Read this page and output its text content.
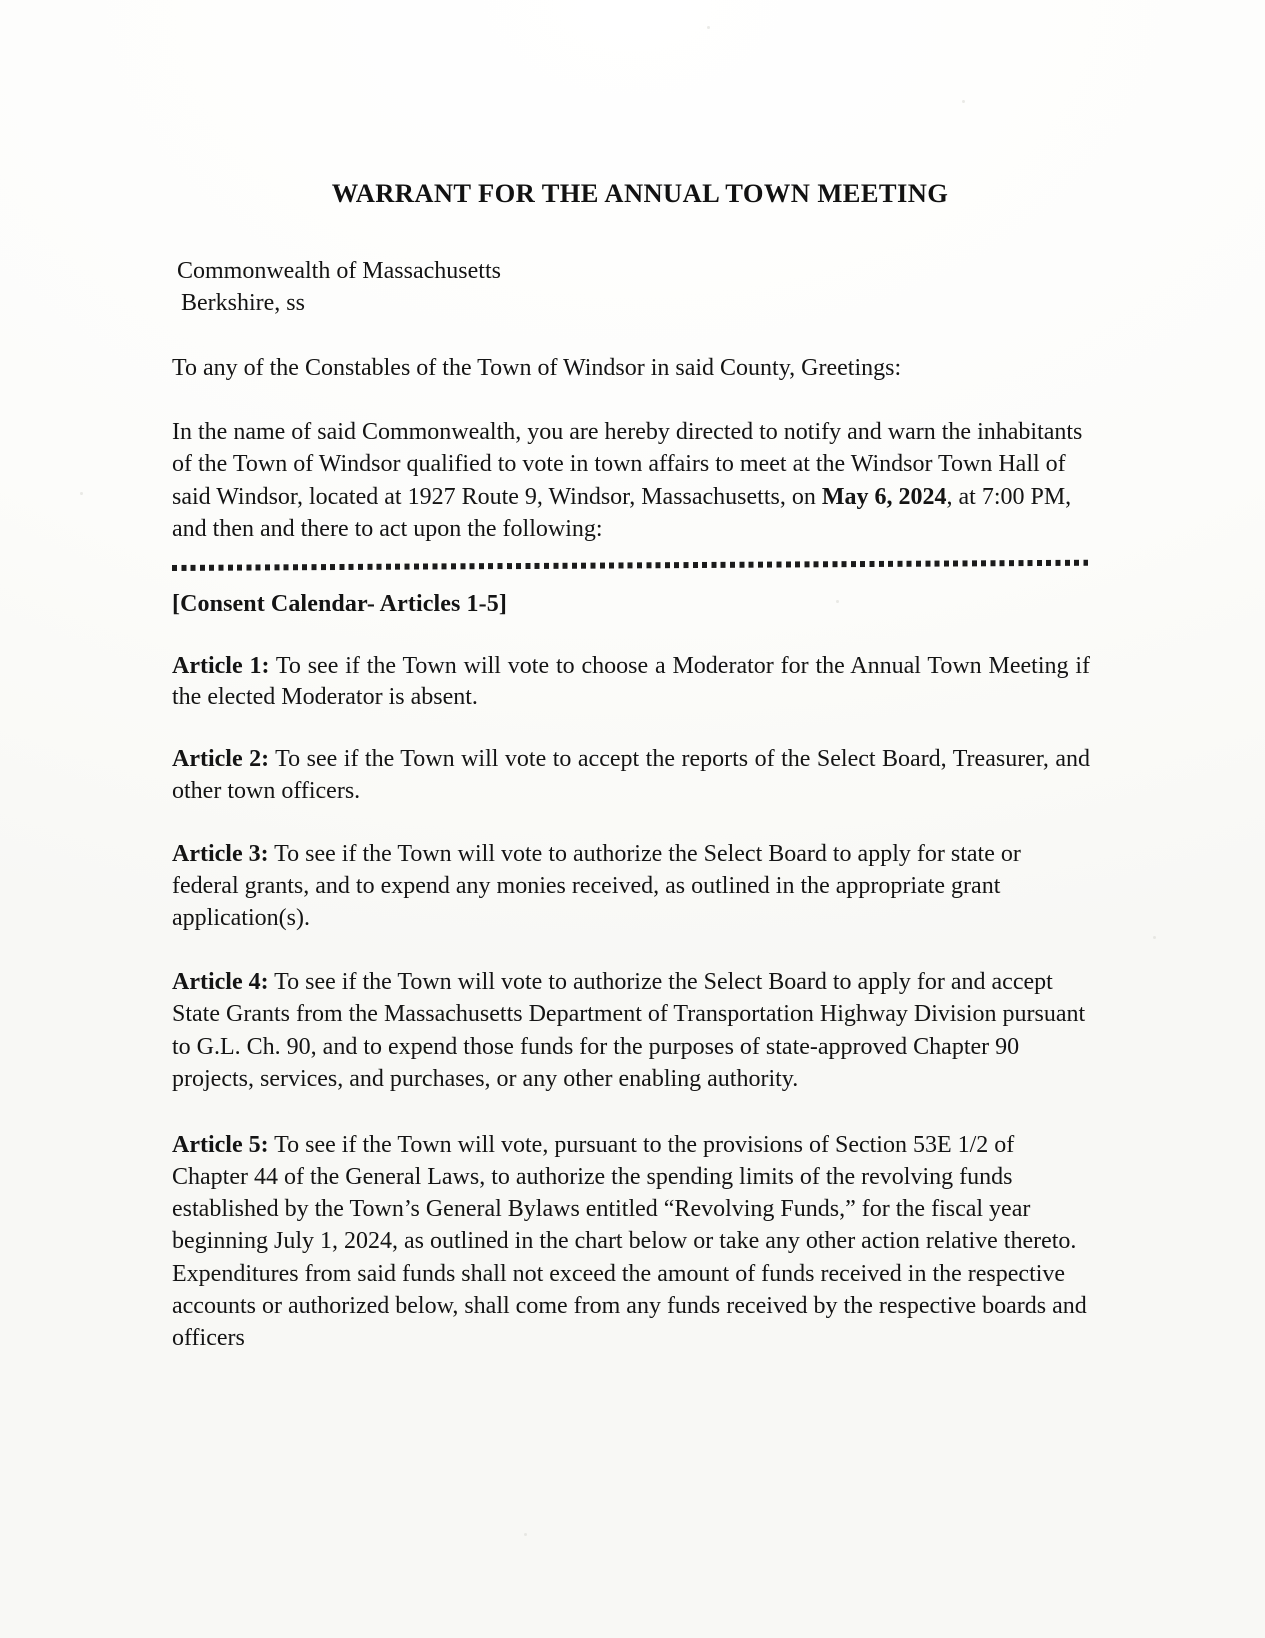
WARRANT FOR THE ANNUAL TOWN MEETING
Commonwealth of Massachusetts
Berkshire, ss

To any of the Constables of the Town of Windsor in said County, Greetings:

In the name of said Commonwealth, you are hereby directed to notify and warn the inhabitants of the Town of Windsor qualified to vote in town affairs to meet at the Windsor Town Hall of said Windsor, located at 1927 Route 9, Windsor, Massachusetts, on May 6, 2024, at 7:00 PM, and then and there to act upon the following:

[Consent Calendar- Articles 1-5]

Article 1: To see if the Town will vote to choose a Moderator for the Annual Town Meeting if the elected Moderator is absent.

Article 2: To see if the Town will vote to accept the reports of the Select Board, Treasurer, and other town officers.

Article 3: To see if the Town will vote to authorize the Select Board to apply for state or federal grants, and to expend any monies received, as outlined in the appropriate grant application(s).

Article 4: To see if the Town will vote to authorize the Select Board to apply for and accept State Grants from the Massachusetts Department of Transportation Highway Division pursuant to G.L. Ch. 90, and to expend those funds for the purposes of state-approved Chapter 90 projects, services, and purchases, or any other enabling authority.

Article 5: To see if the Town will vote, pursuant to the provisions of Section 53E 1/2 of Chapter 44 of the General Laws, to authorize the spending limits of the revolving funds established by the Town’s General Bylaws entitled “Revolving Funds,” for the fiscal year beginning July 1, 2024, as outlined in the chart below or take any other action relative thereto. Expenditures from said funds shall not exceed the amount of funds received in the respective accounts or authorized below, shall come from any funds received by the respective boards and officers
